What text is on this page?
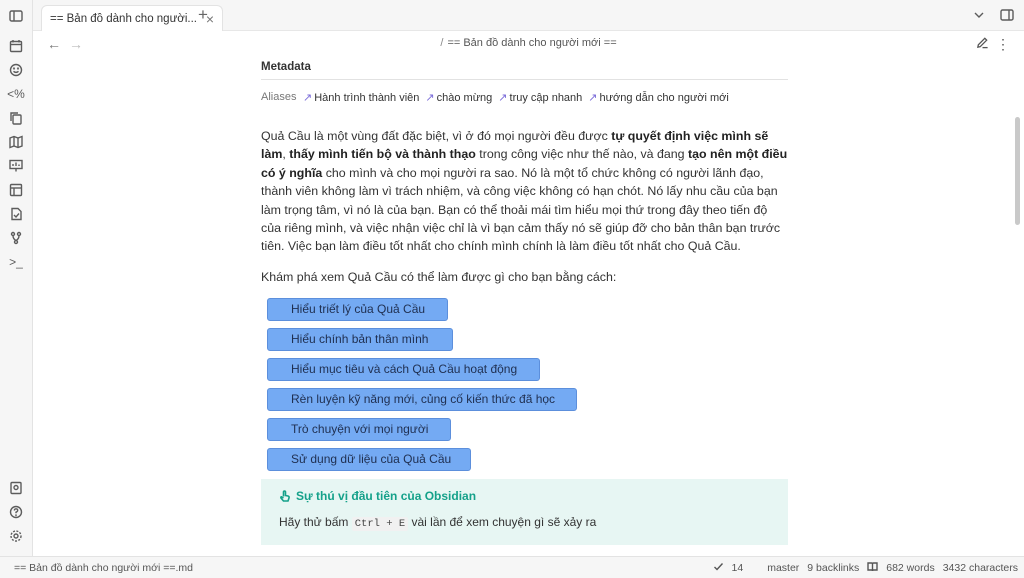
<%
>_
== Bản đồ dành cho người... ×
+
← →	/ == Bản đồ dành cho người mới ==	⋮
Metadata
Aliases ↗ Hành trình thành viên ↗ chào mừng ↗ truy cập nhanh ↗ hướng dẫn cho người mới

Quả Cầu là một vùng đất đặc biệt, vì ở đó mọi người đều được tự quyết định việc mình sẽ làm, thấy mình tiến bộ và thành thạo trong công việc như thế nào, và đang tạo nên một điều có ý nghĩa cho mình và cho mọi người ra sao. Nó là một tổ chức không có người lãnh đạo, thành viên không làm vì trách nhiệm, và công việc không có hạn chót. Nó lấy nhu cầu của bạn làm trọng tâm, vì nó là của bạn. Bạn có thể thoải mái tìm hiểu mọi thứ trong đây theo tiến độ của riêng mình, và việc nhận việc chỉ là vì bạn cảm thấy nó sẽ giúp đỡ cho bản thân bạn trước tiên. Việc bạn làm điều tốt nhất cho chính mình chính là làm điều tốt nhất cho Quả Cầu.

Khám phá xem Quả Cầu có thể làm được gì cho bạn bằng cách:

Hiểu triết lý của Quả Cầu
Hiểu chính bản thân mình
Hiểu mục tiêu và cách Quả Cầu hoạt động
Rèn luyện kỹ năng mới, củng cố kiến thức đã học
Trò chuyện với mọi người
Sử dụng dữ liệu của Quả Cầu
Sự thú vị đầu tiên của Obsidian
Hãy thử bấm Ctrl + E vài lần để xem chuyện gì sẽ xảy ra
== Bản đồ dành cho người mới ==.md	14 master 9 backlinks	682 words 3432 characters
